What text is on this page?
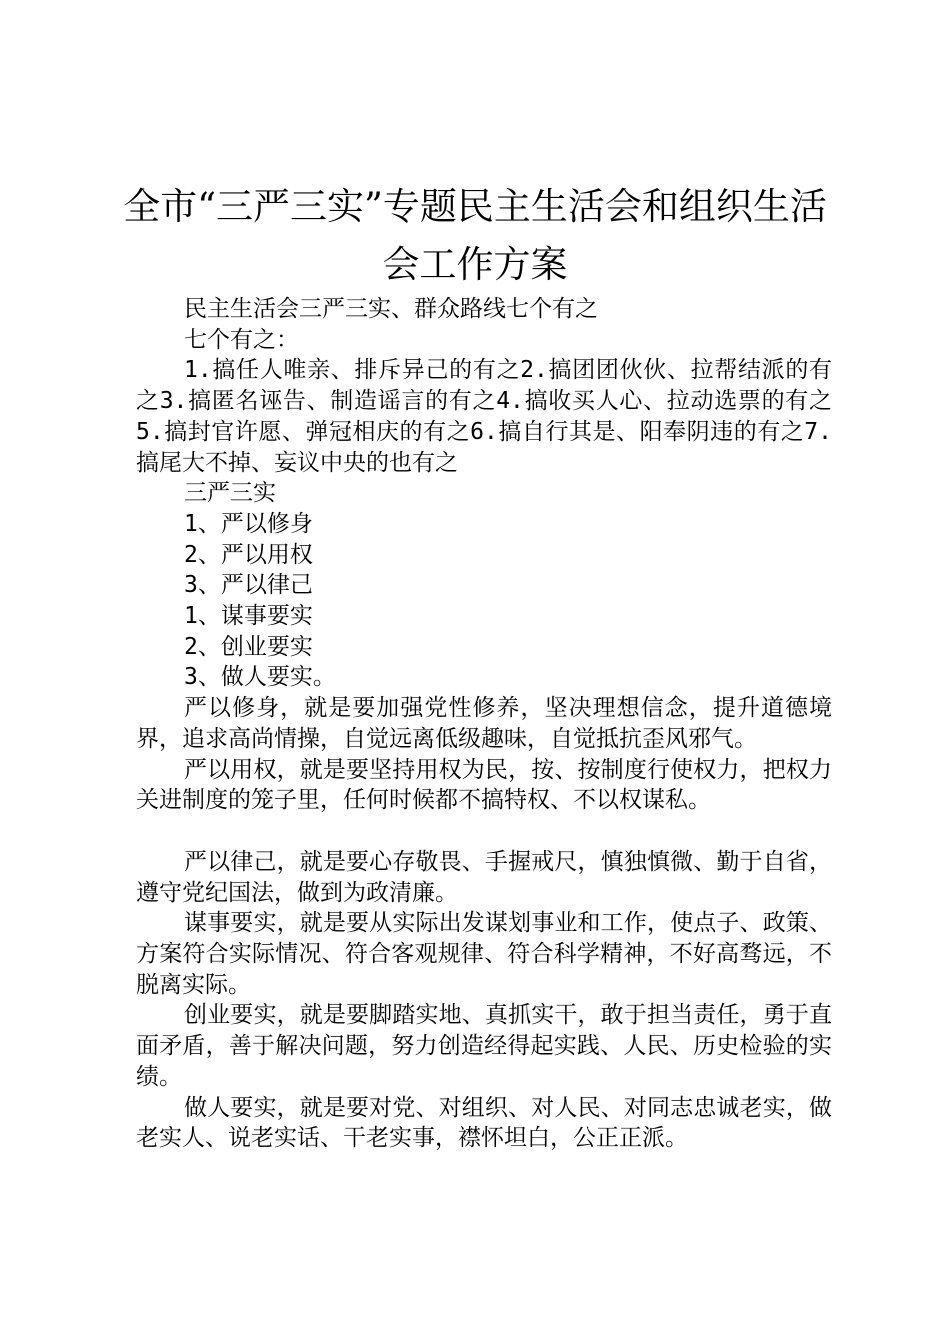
全市“三严三实”专题民主生活会和组织生活
会工作方案

民主生活会三严三实、群众路线七个有之

七个有之：

1.搞任人唯亲、排斥异己的有之2.搞团团伙伙、拉帮结派的有之3.搞匿名诬告、制造谣言的有之4.搞收买人心、拉动选票的有之5.搞封官许愿、弹冠相庆的有之6.搞自行其是、阳奉阴违的有之7.搞尾大不掉、妄议中央的也有之

三严三实

1、严以修身

2、严以用权

3、严以律己

1、谋事要实

2、创业要实

3、做人要实。

严以修身，就是要加强党性修养，坚决理想信念，提升道德境界，追求高尚情操，自觉远离低级趣味，自觉抵抗歪风邪气。

严以用权，就是要坚持用权为民，按、按制度行使权力，把权力关进制度的笼子里，任何时候都不搞特权、不以权谋私。

严以律己，就是要心存敬畏、手握戒尺，慎独慎微、勤于自省，遵守党纪国法，做到为政清廉。

谋事要实，就是要从实际出发谋划事业和工作，使点子、政策、方案符合实际情况、符合客观规律、符合科学精神，不好高骛远，不脱离实际。

创业要实，就是要脚踏实地、真抓实干，敢于担当责任，勇于直面矛盾，善于解决问题，努力创造经得起实践、人民、历史检验的实绩。

做人要实，就是要对党、对组织、对人民、对同志忠诚老实，做老实人、说老实话、干老实事，襟怀坦白，公正正派。
